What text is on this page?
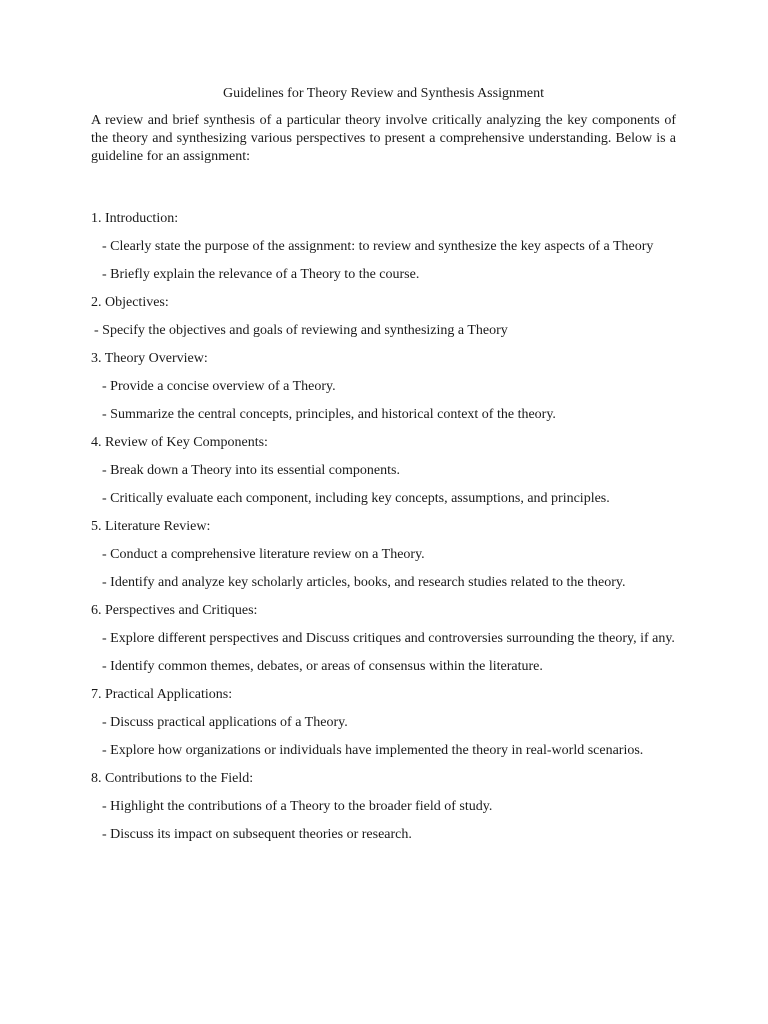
Guidelines for Theory Review and Synthesis Assignment

A review and brief synthesis of a particular theory involve critically analyzing the key components of the theory and synthesizing various perspectives to present a comprehensive understanding. Below is a guideline for an assignment:

1. Introduction:

- Clearly state the purpose of the assignment: to review and synthesize the key aspects of a Theory

- Briefly explain the relevance of a Theory to the course.

2. Objectives:

- Specify the objectives and goals of reviewing and synthesizing a Theory

3. Theory Overview:

- Provide a concise overview of a Theory.

- Summarize the central concepts, principles, and historical context of the theory.

4. Review of Key Components:

- Break down a Theory into its essential components.

- Critically evaluate each component, including key concepts, assumptions, and principles.

5. Literature Review:

- Conduct a comprehensive literature review on a Theory.

- Identify and analyze key scholarly articles, books, and research studies related to the theory.

6. Perspectives and Critiques:

- Explore different perspectives and Discuss critiques and controversies surrounding the theory, if any.

- Identify common themes, debates, or areas of consensus within the literature.

7. Practical Applications:

- Discuss practical applications of a Theory.

- Explore how organizations or individuals have implemented the theory in real-world scenarios.

8. Contributions to the Field:

- Highlight the contributions of a Theory to the broader field of study.

- Discuss its impact on subsequent theories or research.
